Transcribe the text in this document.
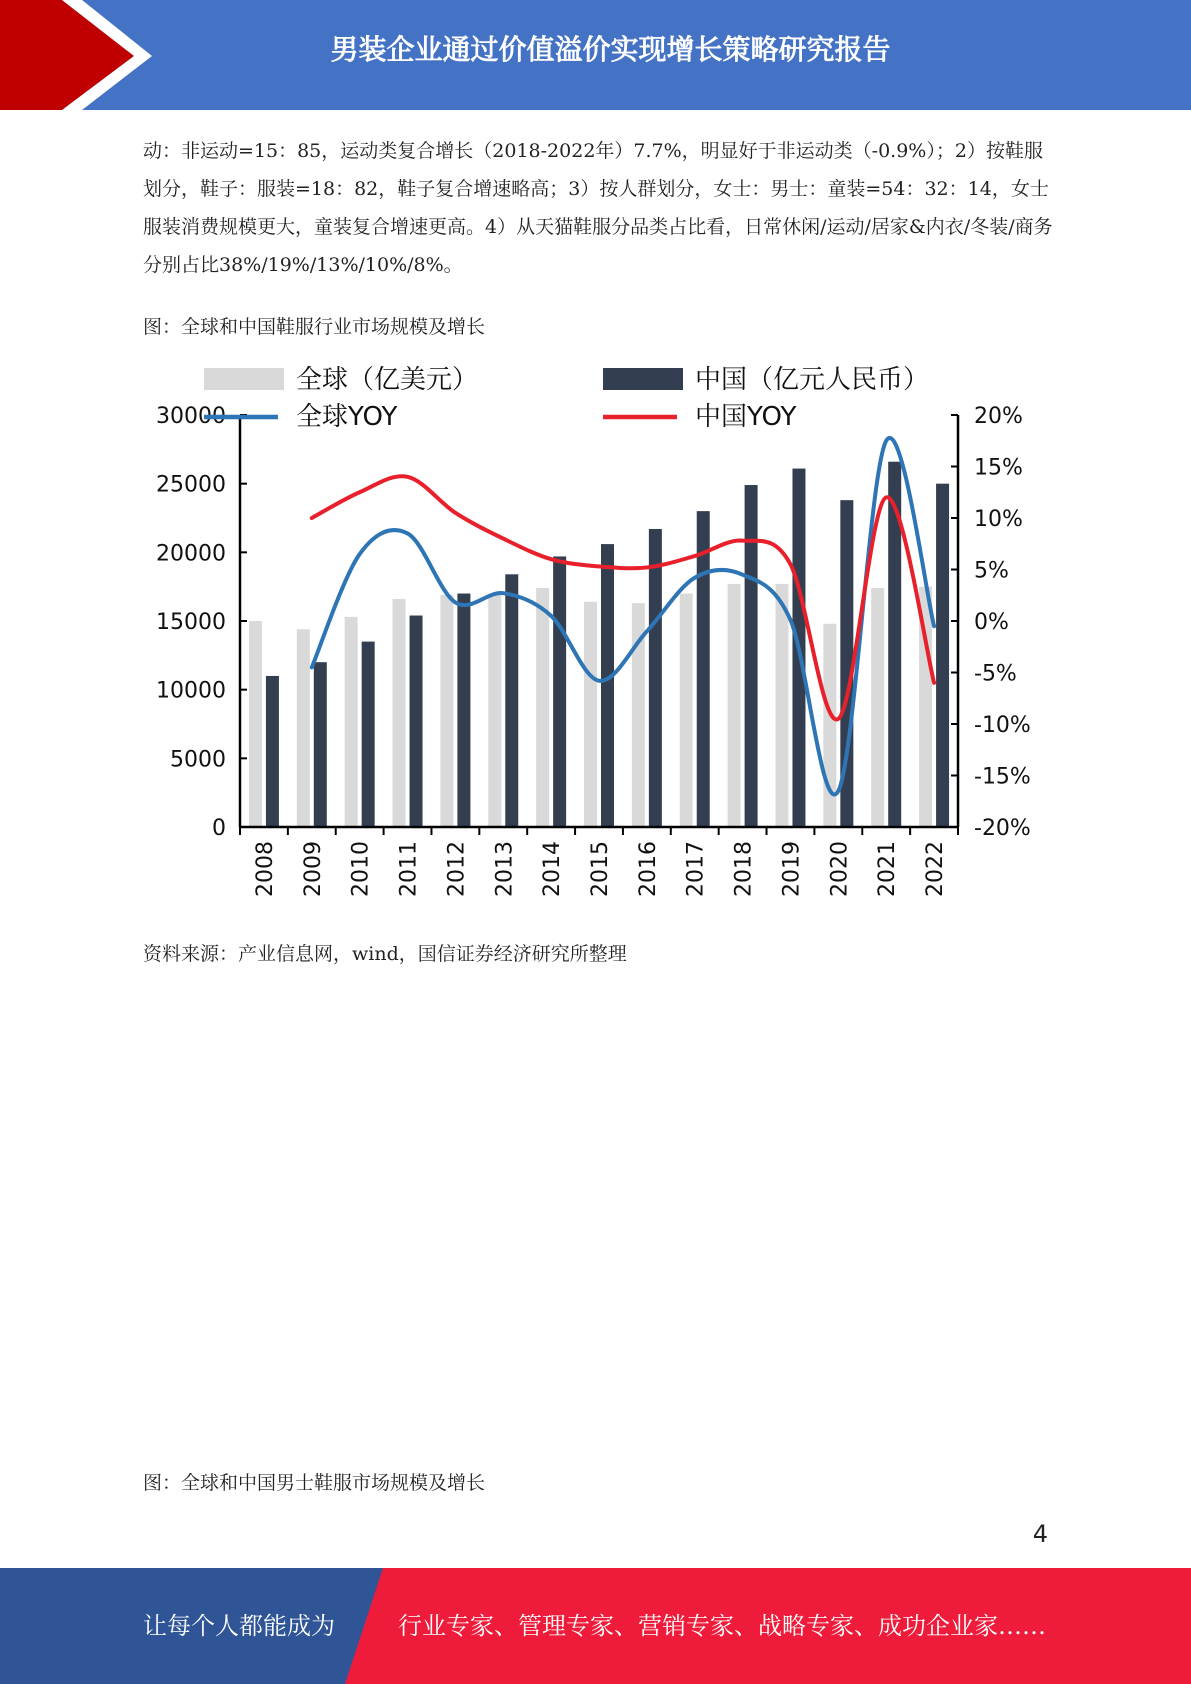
男装企业通过价值溢价实现增长策略研究报告

动：非运动=15：85，运动类复合增长（2018-2022年）7.7%，明显好于非运动类（-0.9%）；2）按鞋服划分，鞋子：服装=18：82，鞋子复合增速略高；3）按人群划分，女士：男士：童装=54：32：14，女士服装消费规模更大，童装复合增速更高。4）从天猫鞋服分品类占比看，日常休闲/运动/居家&内衣/冬装/商务分别占比38%/19%/13%/10%/8%。

图：全球和中国鞋服行业市场规模及增长

0
5000
10000
15000
20000
25000
30000
-20%
-15%
-10%
-5%
0%
5%
10%
15%
20%
2008 2009 2010 2011 2012 2013 2014 2015 2016 2017 2018 2019 2020 2021 2022
全球（亿美元）	中国（亿元人民币）
全球YOY	中国YOY

资料来源：产业信息网，wind，国信证券经济研究所整理

图：全球和中国男士鞋服市场规模及增长

4
让每个人都能成为	行业专家、管理专家、营销专家、战略专家、成功企业家……
